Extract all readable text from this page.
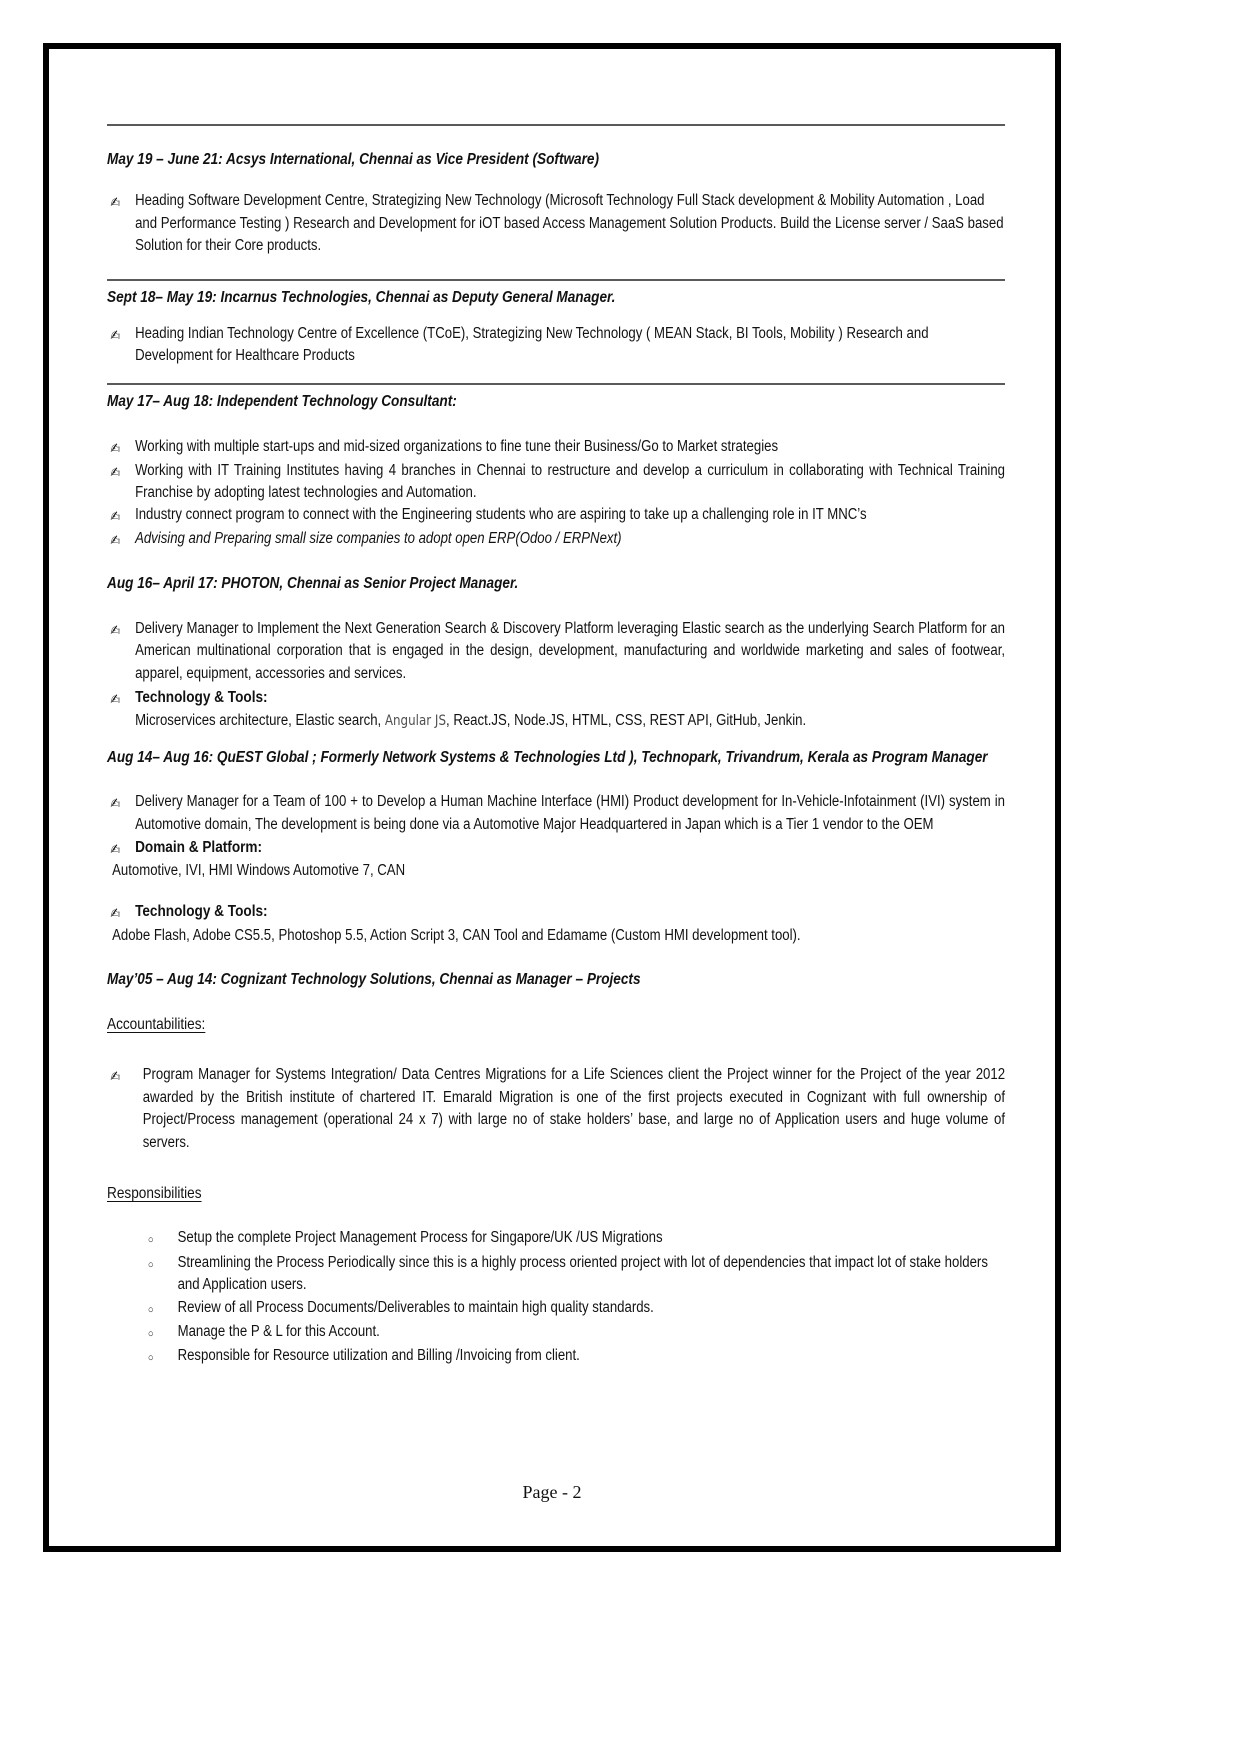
May 19 – June 21: Acsys International, Chennai as Vice President (Software)
✍ Heading Software Development Centre, Strategizing New Technology (Microsoft Technology Full Stack development & Mobility Automation , Load and Performance Testing ) Research and Development for iOT based Access Management Solution Products. Build the License server / SaaS based Solution for their Core products.
Sept 18– May 19: Incarnus Technologies, Chennai as Deputy General Manager.
✍ Heading Indian Technology Centre of Excellence (TCoE), Strategizing New Technology ( MEAN Stack, BI Tools, Mobility ) Research and Development for Healthcare Products
May 17– Aug 18: Independent Technology Consultant:
✍ Working with multiple start-ups and mid-sized organizations to fine tune their Business/Go to Market strategies
✍ Working with IT Training Institutes having 4 branches in Chennai to restructure and develop a curriculum in collaborating with Technical Training Franchise by adopting latest technologies and Automation.
✍ Industry connect program to connect with the Engineering students who are aspiring to take up a challenging role in IT MNC’s
✍ Advising and Preparing small size companies to adopt open ERP(Odoo / ERPNext)
Aug 16– April 17: PHOTON, Chennai as Senior Project Manager.
✍ Delivery Manager to Implement the Next Generation Search & Discovery Platform leveraging Elastic search as the underlying Search Platform for an American multinational corporation that is engaged in the design, development, manufacturing and worldwide marketing and sales of footwear, apparel, equipment, accessories and services.
✍ Technology & Tools:
Microservices architecture, Elastic search, Angular JS, React.JS, Node.JS, HTML, CSS, REST API, GitHub, Jenkin.
Aug 14– Aug 16: QuEST Global ; Formerly Network Systems & Technologies Ltd ), Technopark, Trivandrum, Kerala as Program Manager
✍ Delivery Manager for a Team of 100 + to Develop a Human Machine Interface (HMI) Product development for In-Vehicle-Infotainment (IVI) system in Automotive domain, The development is being done via a Automotive Major Headquartered in Japan which is a Tier 1 vendor to the OEM
✍ Domain & Platform:
Automotive, IVI, HMI Windows Automotive 7, CAN
✍ Technology & Tools:
Adobe Flash, Adobe CS5.5, Photoshop 5.5, Action Script 3, CAN Tool and Edamame (Custom HMI development tool).
May’05 – Aug 14: Cognizant Technology Solutions, Chennai as Manager – Projects
Accountabilities:
✍	Program Manager for Systems Integration/ Data Centres Migrations for a Life Sciences client the Project winner for the Project of the year 2012 awarded by the British institute of chartered IT. Emarald Migration is one of the first projects executed in Cognizant with full ownership of Project/Process management (operational 24 x 7) with large no of stake holders’ base, and large no of Application users and huge volume of servers.
Responsibilities
○	Setup the complete Project Management Process for Singapore/UK /US Migrations
○	Streamlining the Process Periodically since this is a highly process oriented project with lot of dependencies that impact lot of stake holders and Application users.
○	Review of all Process Documents/Deliverables to maintain high quality standards.
○	Manage the P & L for this Account.
○	Responsible for Resource utilization and Billing /Invoicing from client.
Page - 2
